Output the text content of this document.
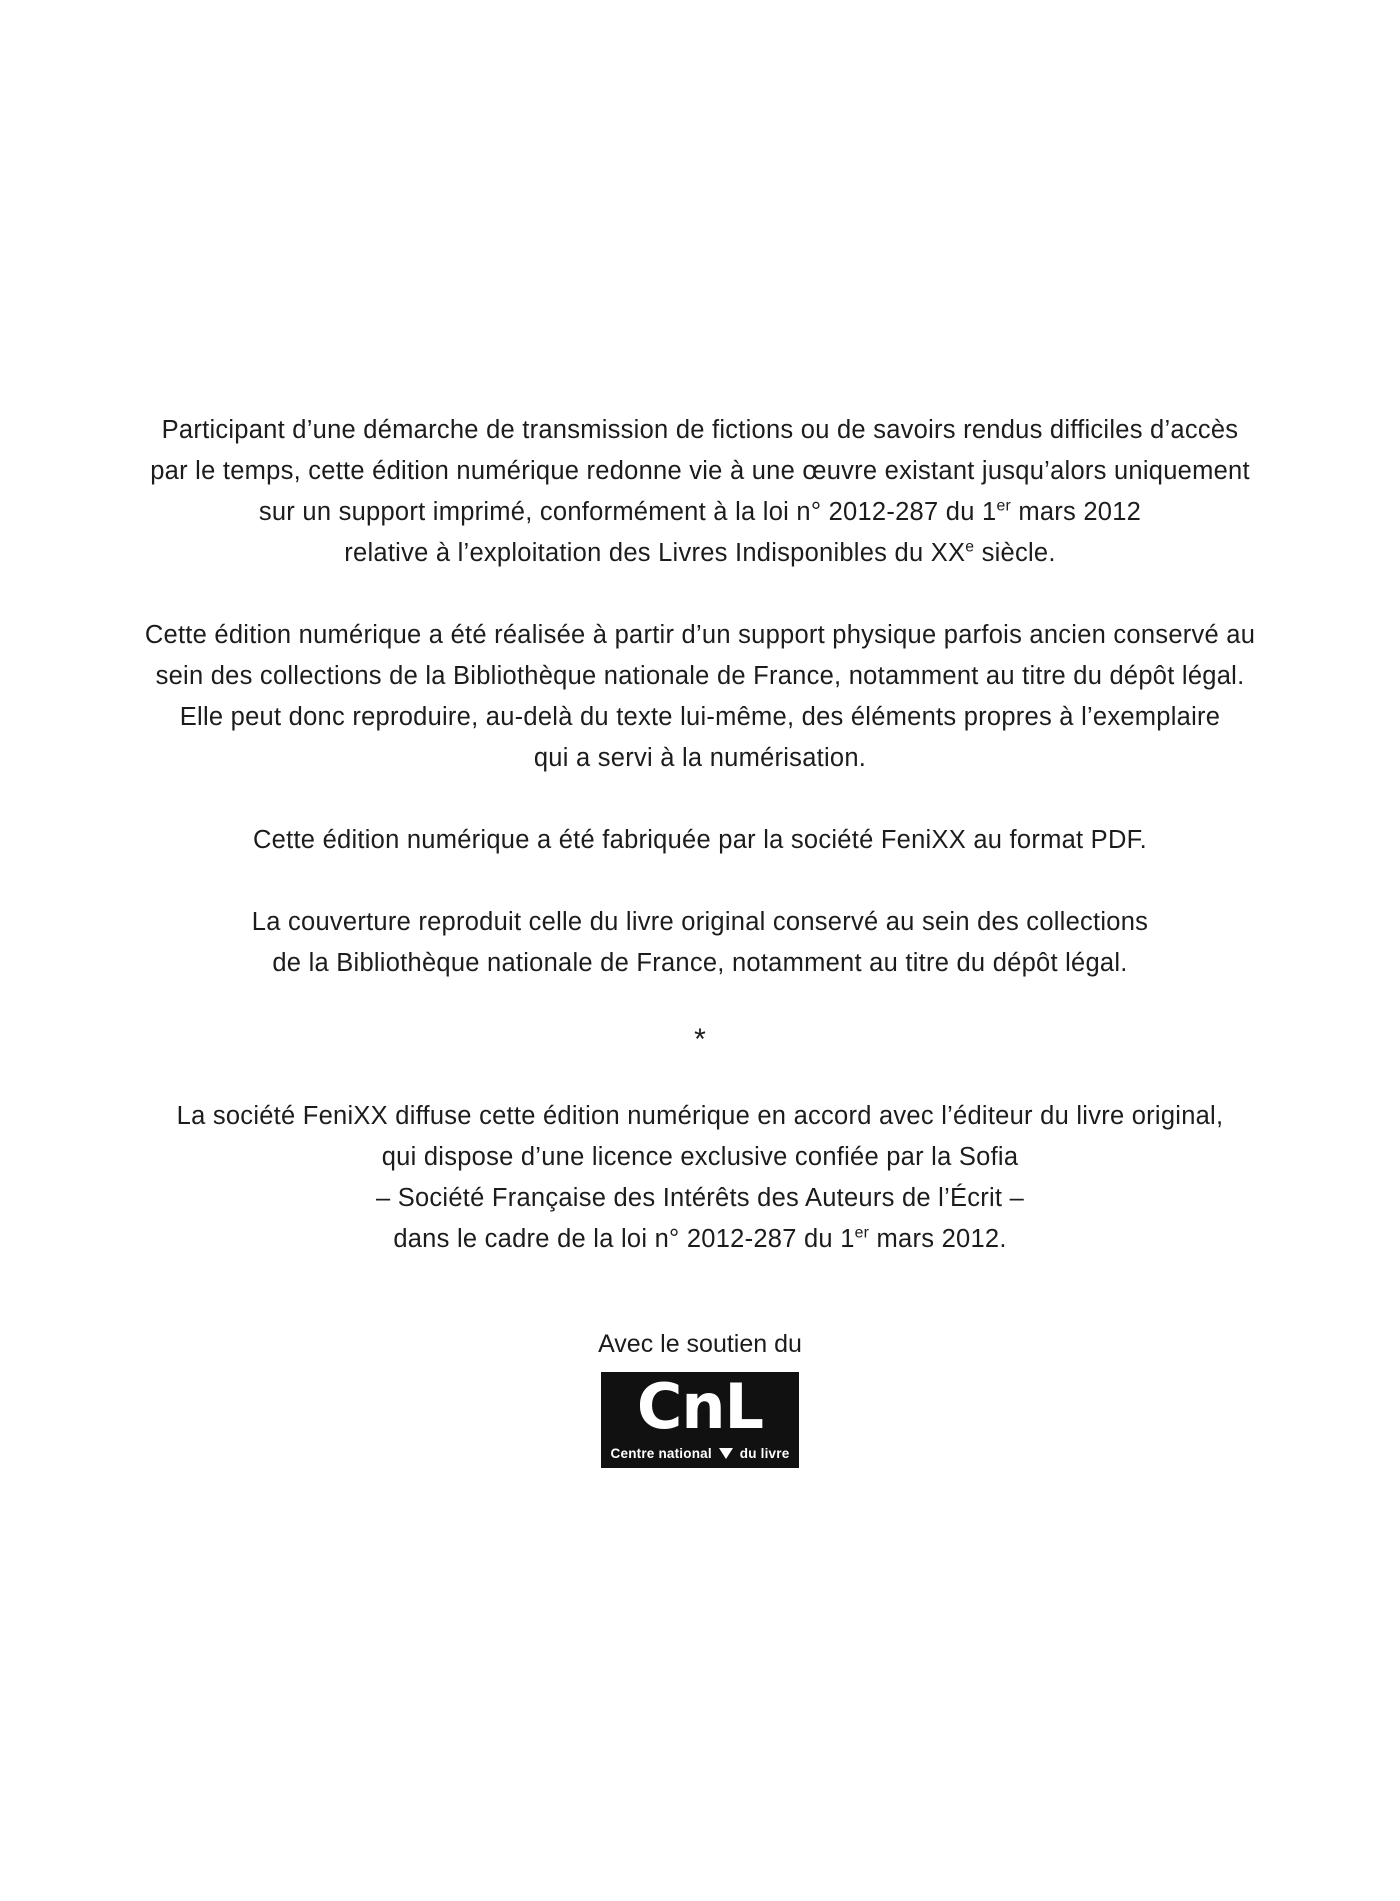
Participant d’une démarche de transmission de fictions ou de savoirs rendus difficiles d’accès
par le temps, cette édition numérique redonne vie à une œuvre existant jusqu’alors uniquement
sur un support imprimé, conformément à la loi n° 2012-287 du 1er mars 2012
relative à l’exploitation des Livres Indisponibles du XXe siècle.

Cette édition numérique a été réalisée à partir d’un support physique parfois ancien conservé au
sein des collections de la Bibliothèque nationale de France, notamment au titre du dépôt légal.
Elle peut donc reproduire, au-delà du texte lui-même, des éléments propres à l’exemplaire
qui a servi à la numérisation.

Cette édition numérique a été fabriquée par la société FeniXX au format PDF.

La couverture reproduit celle du livre original conservé au sein des collections
de la Bibliothèque nationale de France, notamment au titre du dépôt légal.

*

La société FeniXX diffuse cette édition numérique en accord avec l’éditeur du livre original,
qui dispose d’une licence exclusive confiée par la Sofia
– Société Française des Intérêts des Auteurs de l’Écrit –
dans le cadre de la loi n° 2012-287 du 1er mars 2012.

Avec le soutien du
CnL
Centre national du livre
